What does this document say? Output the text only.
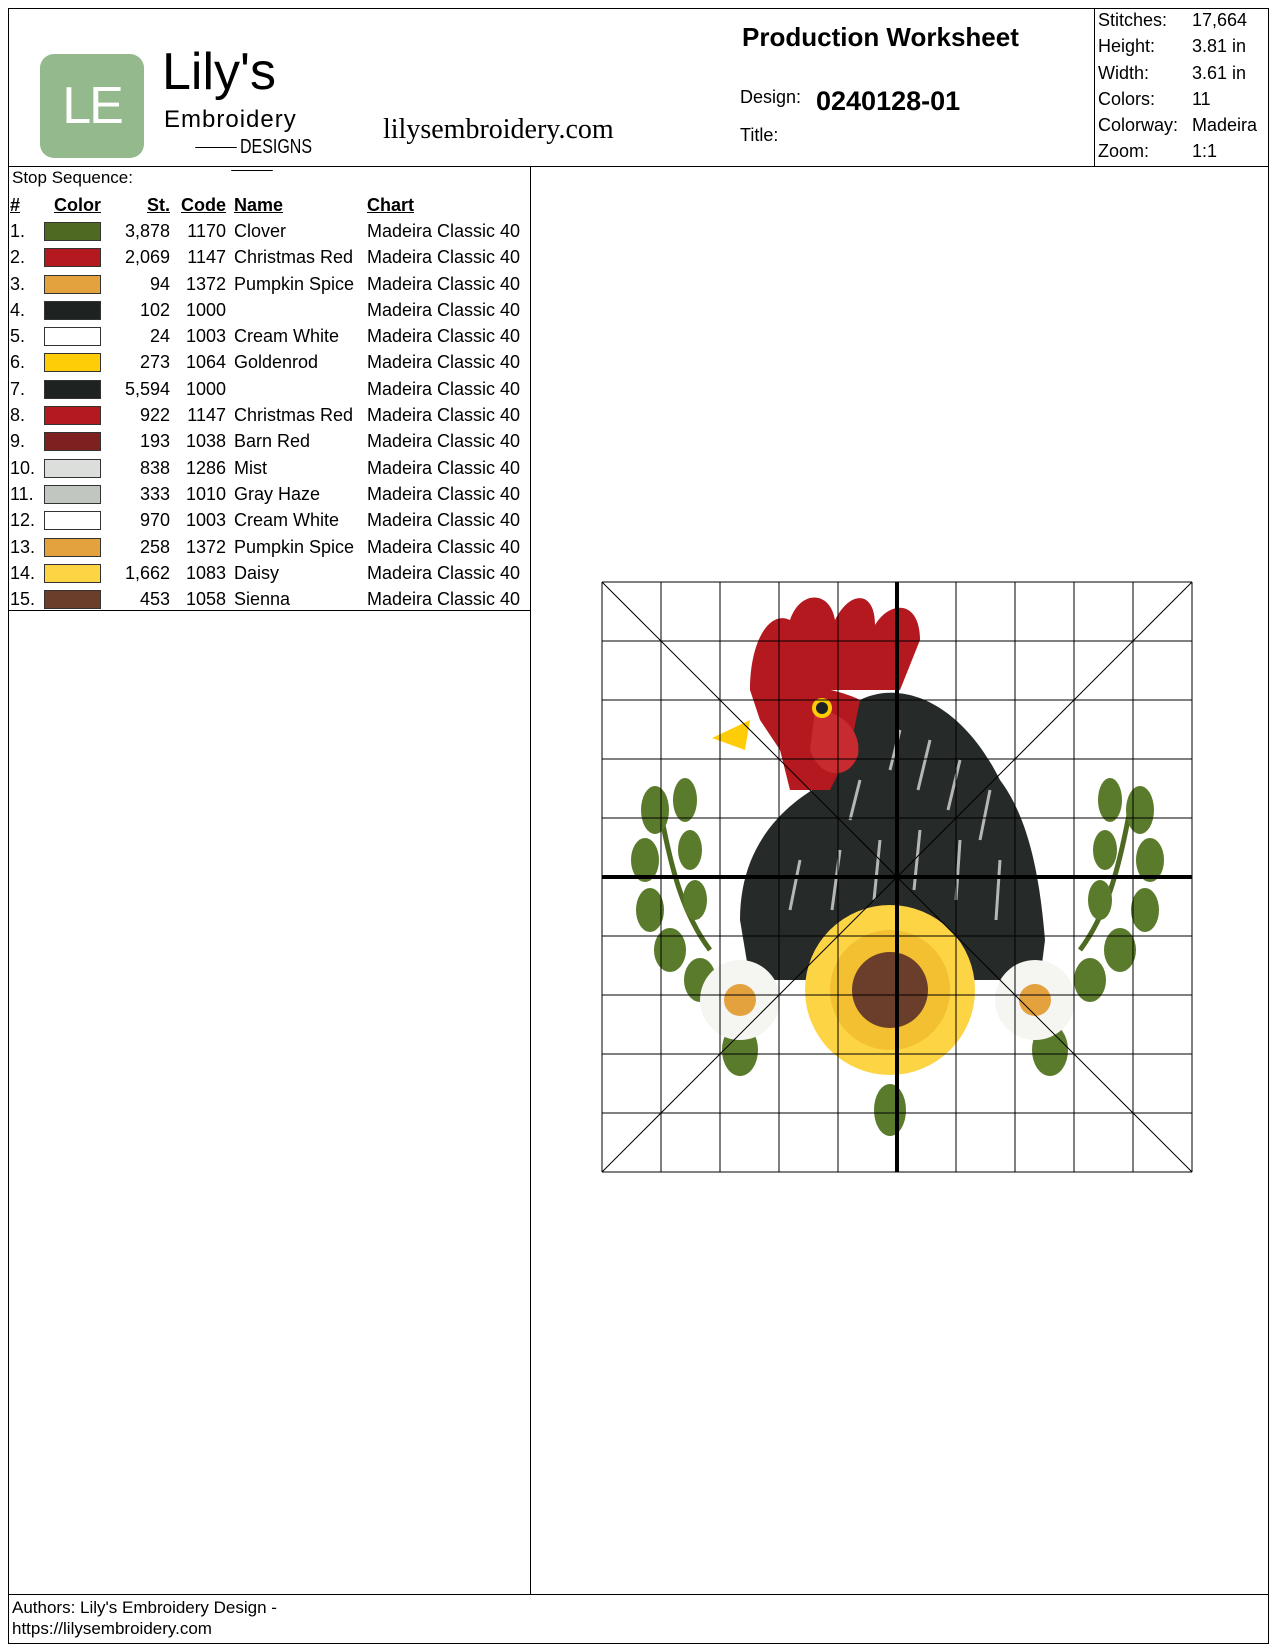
LE
Lily's
Embroidery
DESIGNS
lilysembroidery.com
Production Worksheet
Design: 0240128-01
Title:
Stitches:	17,664
Height:	3.81 in
Width:	3.61 in
Colors:	11
Colorway: Madeira
Zoom:	1:1
Stop Sequence:
#	Color	St.	Code	Name	Chart
1.		3,878	1170	Clover	Madeira Classic 40
2.		2,069	1147	Christmas Red	Madeira Classic 40
3.		94	1372	Pumpkin Spice	Madeira Classic 40
4.		102	1000		Madeira Classic 40
5.		24	1003	Cream White	Madeira Classic 40
6.		273	1064	Goldenrod	Madeira Classic 40
7.		5,594	1000		Madeira Classic 40
8.		922	1147	Christmas Red	Madeira Classic 40
9.		193	1038	Barn Red	Madeira Classic 40
10.		838	1286	Mist	Madeira Classic 40
11.		333	1010	Gray Haze	Madeira Classic 40
12.		970	1003	Cream White	Madeira Classic 40
13.		258	1372	Pumpkin Spice	Madeira Classic 40
14.		1,662	1083	Daisy	Madeira Classic 40
15.		453	1058	Sienna	Madeira Classic 40
Authors: Lily's Embroidery Design -
https://lilysembroidery.com
